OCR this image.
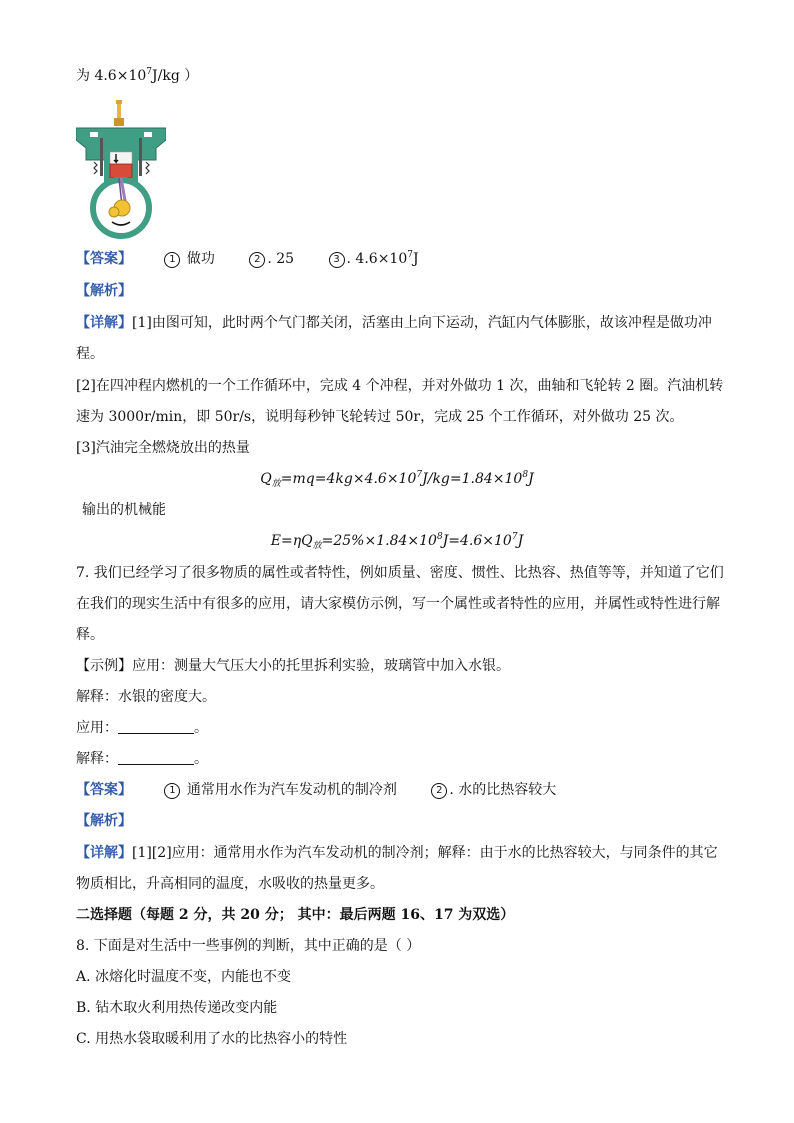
为 $4.6\times 10^7J/kg$ ）
【答案】	1 做功	2 . 25	3 . $4.6\times 10^7J$
【解析】
【详解】[1]由图可知，此时两个气门都关闭，活塞由上向下运动，汽缸内气体膨胀，故该冲程是做功冲
程。
[2]在四冲程内燃机的一个工作循环中，完成 4 个冲程，并对外做功 1 次，曲轴和飞轮转 2 圈。汽油机转
速为 3000r/min，即 50r/s，说明每秒钟飞轮转过 50r，完成 25 个工作循环，对外做功 25 次。
[3]汽油完全燃烧放出的热量
$Q_放=mq=4kg\times 4.6\times 10^7J/kg=1.84\times 10^8J$
输出的机械能
$E=\eta Q_放=25\%\times 1.84\times 10^8J=4.6\times 10^7J$
7. 我们已经学习了很多物质的属性或者特性，例如质量、密度、惯性、比热容、热值等等，并知道了它们
在我们的现实生活中有很多的应用，请大家模仿示例，写一个属性或者特性的应用，并属性或特性进行解
释。
【示例】应用：测量大气压大小的托里拆利实验，玻璃管中加入水银。
解释：水银的密度大。
应用：	。
解释：	。
【答案】	1 通常用水作为汽车发动机的制冷剂	2 . 水的比热容较大
【解析】
【详解】[1][2]应用：通常用水作为汽车发动机的制冷剂；解释：由于水的比热容较大，与同条件的其它
物质相比，升高相同的温度，水吸收的热量更多。
二选择题（每题 2 分，共 20 分； 其中：最后两题 16、17 为双选）
8. 下面是对生活中一些事例的判断，其中正确的是（ ）
A. 冰熔化时温度不变，内能也不变
B. 钻木取火利用热传递改变内能
C. 用热水袋取暖利用了水的比热容小的特性
